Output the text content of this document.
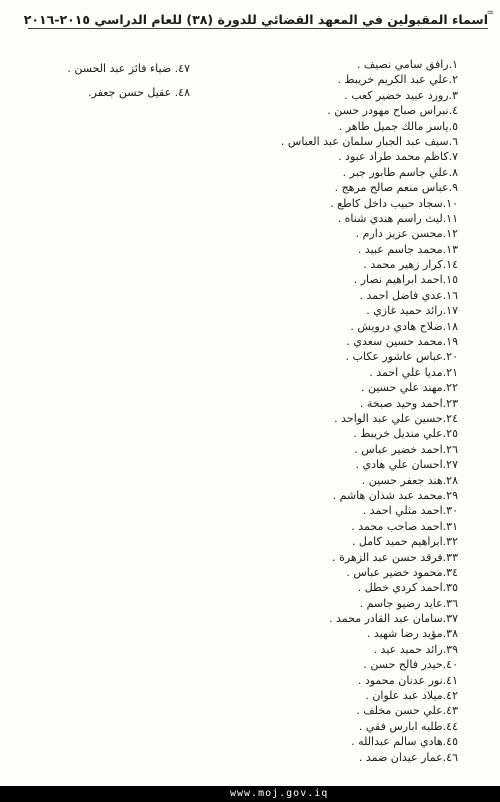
=
اسماء المقبولين في المعهد القضائي للدورة (٣٨) للعام الدراسي ٢٠١٥-٢٠١٦
١.رافق سامي نصيف .
٢.علي عبد الكريم خريبط .
٣.رورد عبيد خضير كعب .
٤.نبراس صباح مهودر حسن .
٥.ياسر مالك جميل طاهر .
٦.سيف عبد الجبار سلمان عبد العباس .
٧.كاظم محمد طراد عبود .
٨.علي جاسم طابور جبر .
٩.عباس منعم صالح مرهج .
١٠.سجاد حبيب داخل كاطع .
١١.ليث راسم هندي شناه .
١٢.محسن عزيز دارم .
١٣.محمد جاسم عبيد .
١٤.كرار زهير محمد .
١٥.احمد ابراهيم نصار .
١٦.عدي فاضل احمد .
١٧.رائد حميد غازي .
١٨.صلاح هادي درويش .
١٩.محمد حسين سعدي .
٢٠.عباس عاشور عكاب .
٢١.مديا علي احمد .
٢٢.مهند علي حسين .
٢٣.احمد وحيد صبخة .
٢٤.حسين علي عبد الواحد .
٢٥.علي منديل خريبط .
٢٦.احمد خضير عباس .
٢٧.احسان علي هادي .
٢٨.هند جعفر حسين .
٢٩.محمد عبد شذان هاشم .
٣٠.احمد مثلي احمد .
٣١.احمد صاحب محمد .
٣٢.ابراهيم حميد كامل .
٣٣.فرقد حسن عبد الزهرة .
٣٤.محمود خضير عباس .
٣٥.احمد كردي خطل .
٣٦.عايد رضيو جاسم .
٣٧.سامان عبد القادر محمد .
٣٨.مؤيد رضا شهيد .
٣٩.رائد حميد عيد .
٤٠.حيدر فالح حسن .
٤١.نور عدنان محمود .
٤٢.ميلاد عبد علوان .
٤٣.علي حسن مخلف .
٤٤.طلبه ابارس فقي .
٤٥.هادي سالم عبدالله .
٤٦.عمار عيدان ضمد .
٤٧. ضياء فائز عبد الحسن .
٤٨. عقيل حسن جعفر.
www.moj.gov.iq
